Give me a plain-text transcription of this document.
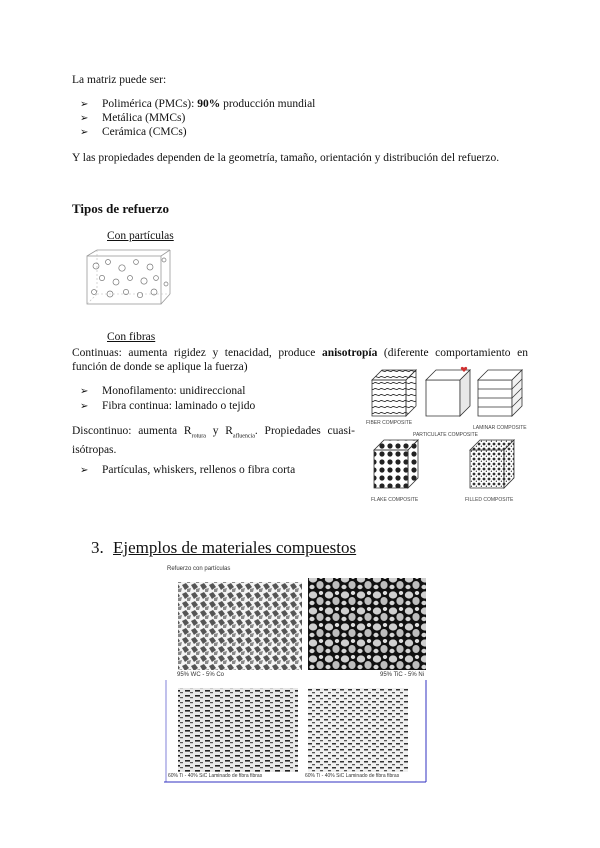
La matriz puede ser:
➢ Polimérica (PMCs): 90% producción mundial
➢ Metálica (MMCs)
➢ Cerámica (CMCs)
Y las propiedades dependen de la geometría, tamaño, orientación y distribución del refuerzo.
Tipos de refuerzo
Con partículas
Con fibras
Continuas: aumenta rigidez y tenacidad, produce anisotropía (diferente comportamiento en función de donde se aplique la fuerza)
➢ Monofilamento: unidireccional
➢ Fibra continua: laminado o tejido
Discontinuo: aumenta $R_{rotura}$ y $R_{afluencia}$. Propiedades cuasi-isótropas.
➢ Partículas, whiskers, rellenos o fibra corta
FIBER COMPOSITE
PARTICULATE COMPOSITE
LAMINAR COMPOSITE
FLAKE COMPOSITE	FILLED COMPOSITE
3. Ejemplos de materiales compuestos
Refuerzo con partículas
95% WC - 5% Co	95% TiC - 5% Ni
60% Ti - 40% SiC Laminado de fibra fibras	60% Ti - 40% SiC Laminado de fibra fibras
